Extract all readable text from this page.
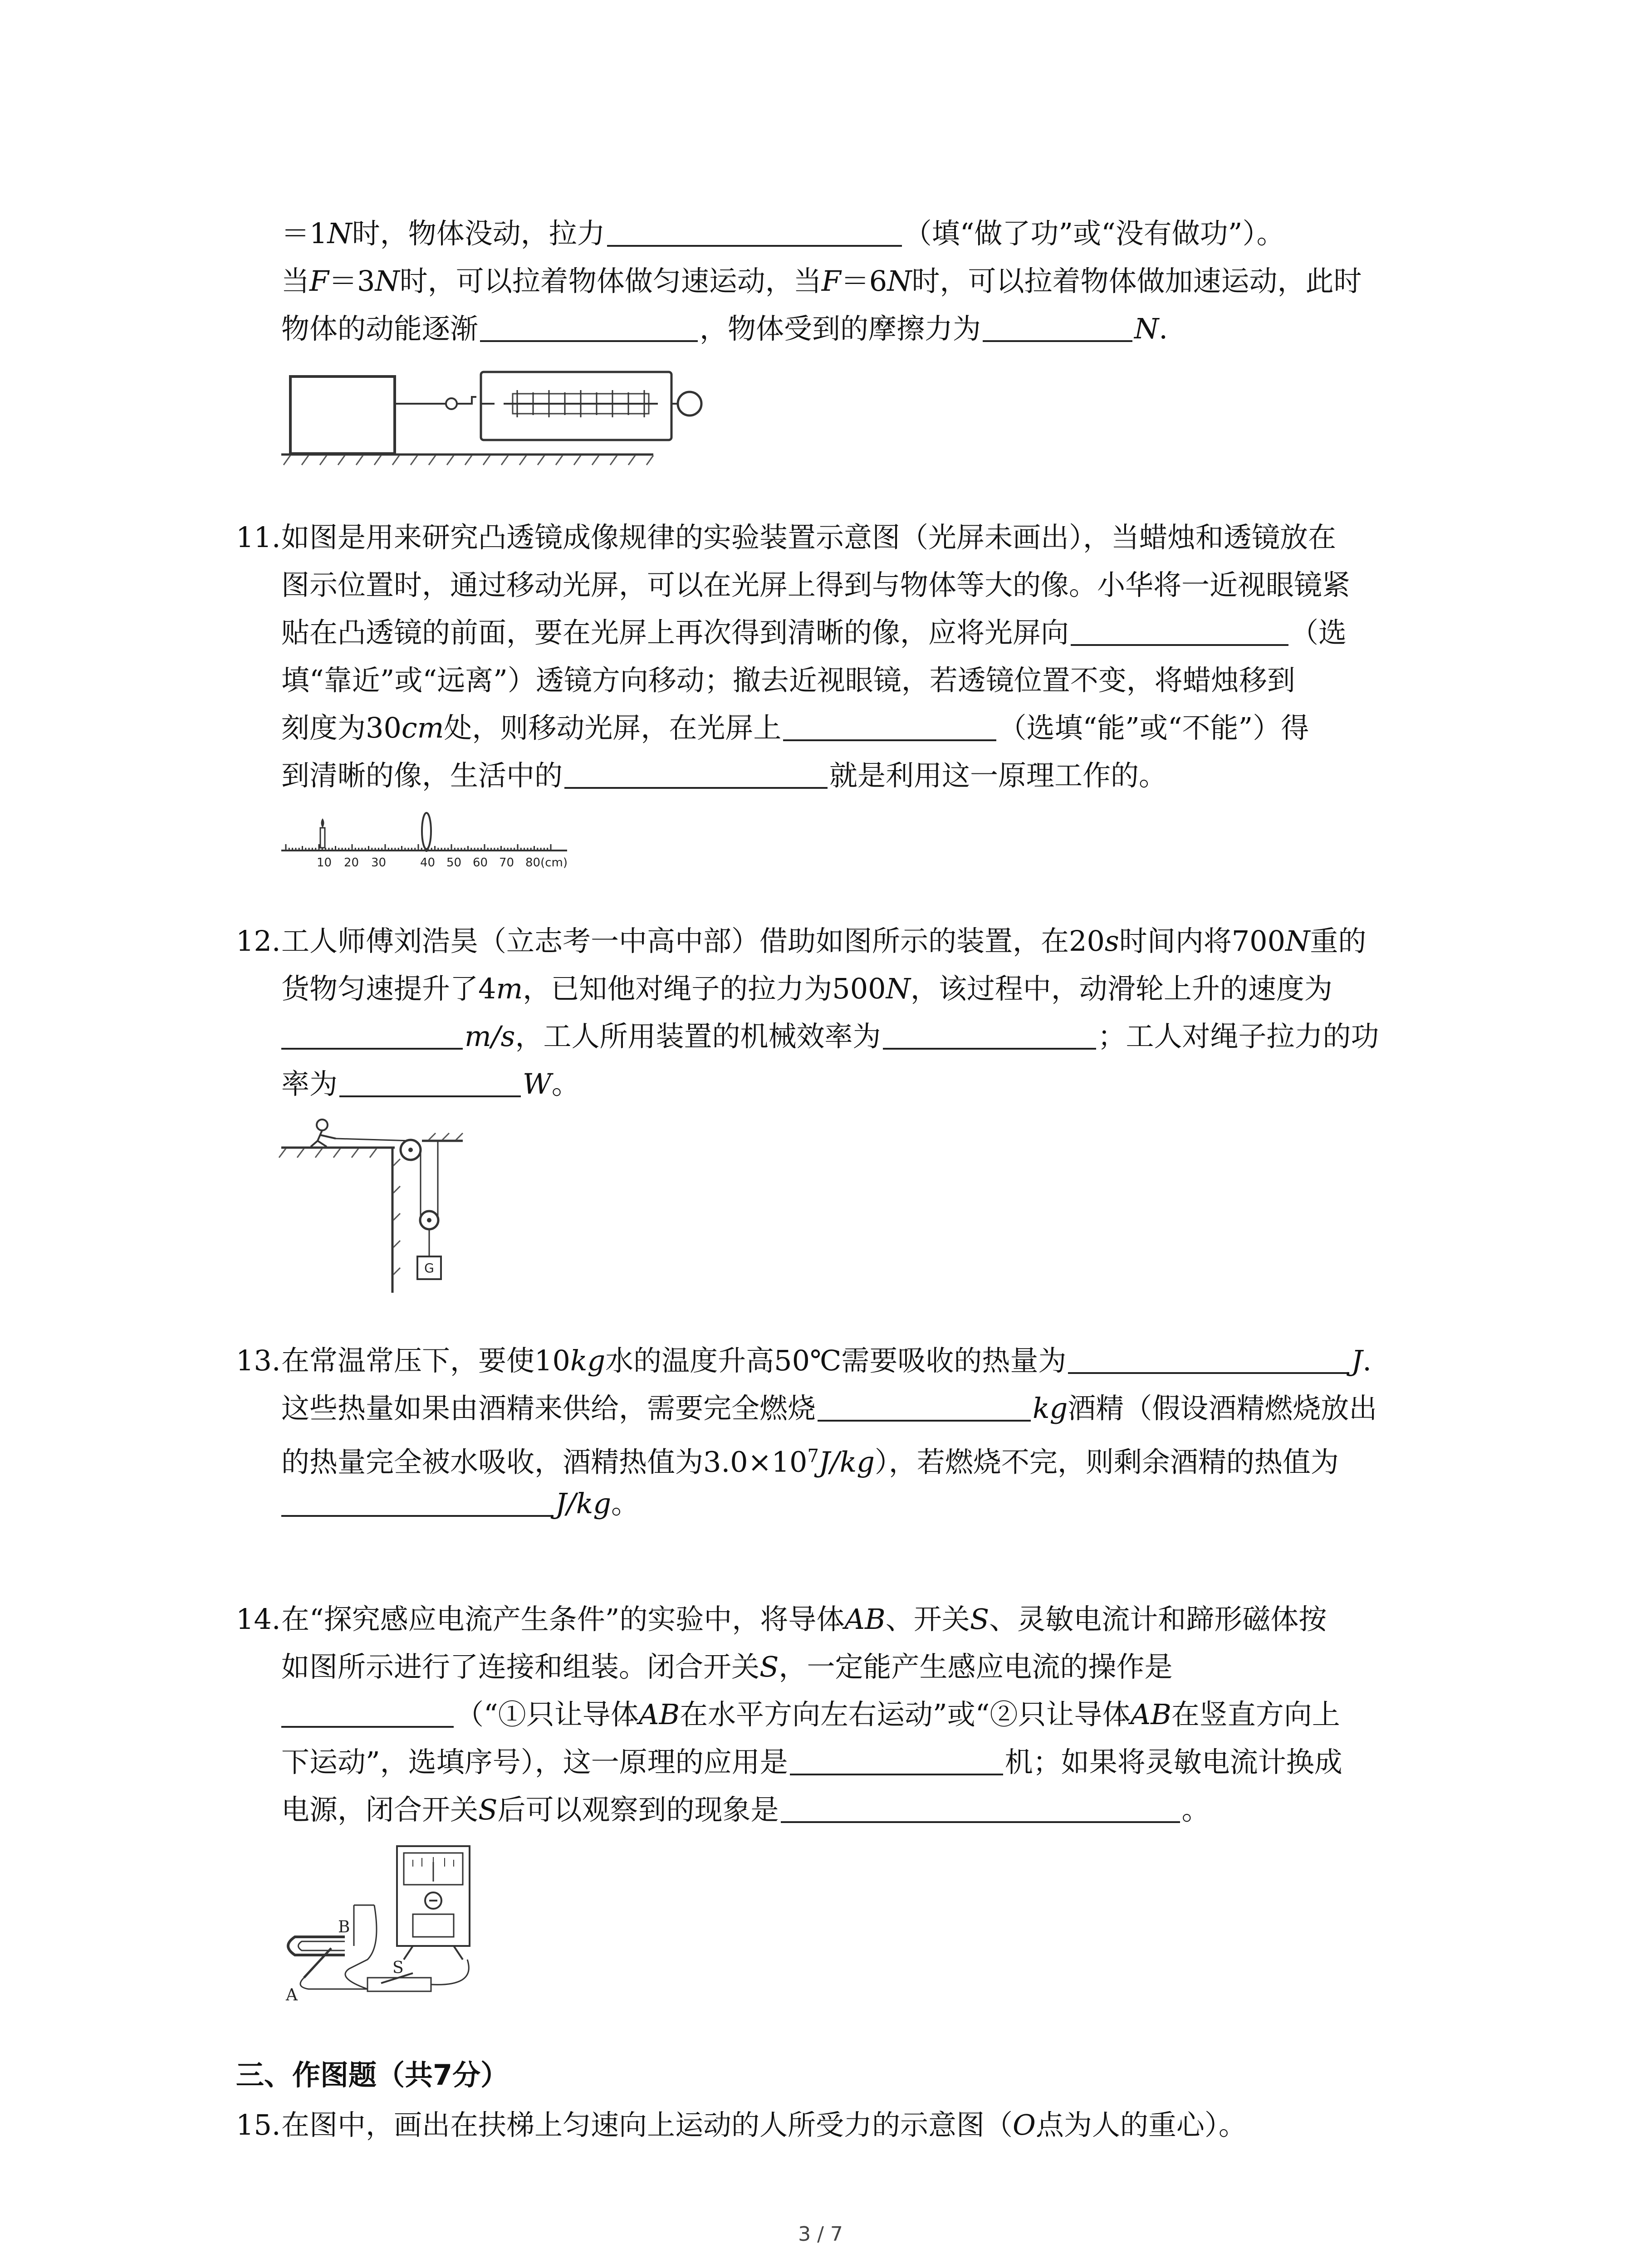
＝1N时，物体没动，拉力	（填“做了功”或“没有做功”）。
当F＝3N时，可以拉着物体做匀速运动，当F＝6N时，可以拉着物体做加速运动，此时
物体的动能逐渐	，物体受到的摩擦力为	N.
11. 如图是用来研究凸透镜成像规律的实验装置示意图（光屏未画出），当蜡烛和透镜放在
图示位置时，通过移动光屏，可以在光屏上得到与物体等大的像。小华将一近视眼镜紧
贴在凸透镜的前面，要在光屏上再次得到清晰的像，应将光屏向	（选
填“靠近”或“远离”）透镜方向移动；撤去近视眼镜，若透镜位置不变，将蜡烛移到
刻度为30cm处，则移动光屏，在光屏上	（选填“能”或“不能”）得
到清晰的像，生活中的	就是利用这一原理工作的。
10 20 30	40 50 60 70 80(cm)
12. 工人师傅刘浩昊（立志考一中高中部）借助如图所示的装置，在20s时间内将700N重的
货物匀速提升了4m，已知他对绳子的拉力为500N，该过程中，动滑轮上升的速度为
m/s，工人所用装置的机械效率为	；工人对绳子拉力的功
率为	W。
G
13. 在常温常压下，要使10kg水的温度升高50℃需要吸收的热量为	J.
这些热量如果由酒精来供给，需要完全燃烧	kg酒精（假设酒精燃烧放出
的热量完全被水吸收，酒精热值为$3.0\times 10^7J/kg$），若燃烧不完，则剩余酒精的热值为
J/kg。
14. 在“探究感应电流产生条件”的实验中，将导体AB、开关S、灵敏电流计和蹄形磁体按
如图所示进行了连接和组装。闭合开关S，一定能产生感应电流的操作是
（“①只让导体AB在水平方向左右运动”或“②只让导体AB在竖直方向上
下运动”，选填序号），这一原理的应用是	机；如果将灵敏电流计换成
电源，闭合开关S后可以观察到的现象是	。
B
S
A
三、作图题（共7分）
15. 在图中，画出在扶梯上匀速向上运动的人所受力的示意图（O点为人的重心）。
3 / 7
